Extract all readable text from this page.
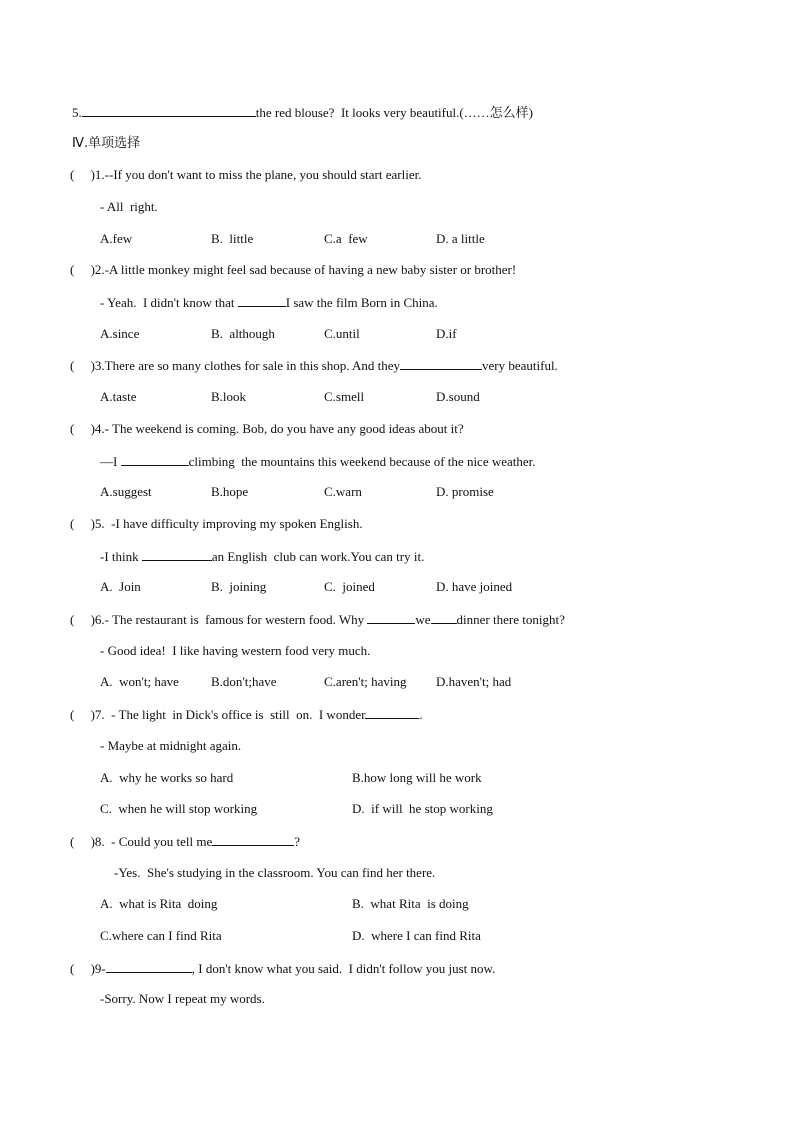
5.	the red blouse?  It looks very beautiful.(……怎么样)
Ⅳ.单项选择
(     )1.--If you don't want to miss the plane, you should start earlier.
- All  right.
A.few	B.  little	C.a  few	D. a little
(     )2.-A little monkey might feel sad because of having a new baby sister or brother!
- Yeah.  I didn't know that	I saw the film Born in China.
A.since	B.  although	C.until	D.if
(     )3.There are so many clothes for sale in this shop. And they	very beautiful.
A.taste	B.look	C.smell	D.sound
(     )4.- The weekend is coming. Bob, do you have any good ideas about it?
—I	climbing  the mountains this weekend because of the nice weather.
A.suggest	B.hope	C.warn	D. promise
(     )5.  -I have difficulty improving my spoken English.
-I think	an English  club can work.You can try it.
A.  Join	B.  joining	C.  joined	D. have joined
(     )6.- The restaurant is  famous for western food. Why	we dinner there tonight?
- Good idea!  I like having western food very much.
A.  won't; have B.don't;have	C.aren't; having D.haven't; had
(     )7.  - The light  in Dick's office is  still  on.  I wonder	.
- Maybe at midnight again.
A.  why he works so hard	B.how long will he work
C.  when he will stop working	D.  if will  he stop working
(     )8.  - Could you tell me	?
-Yes.  She's studying in the classroom. You can find her there.
A.  what is Rita  doing	B.  what Rita  is doing
C.where can I find Rita	D.  where I can find Rita
(     )9-	, I don't know what you said.  I didn't follow you just now.
-Sorry. Now I repeat my words.
